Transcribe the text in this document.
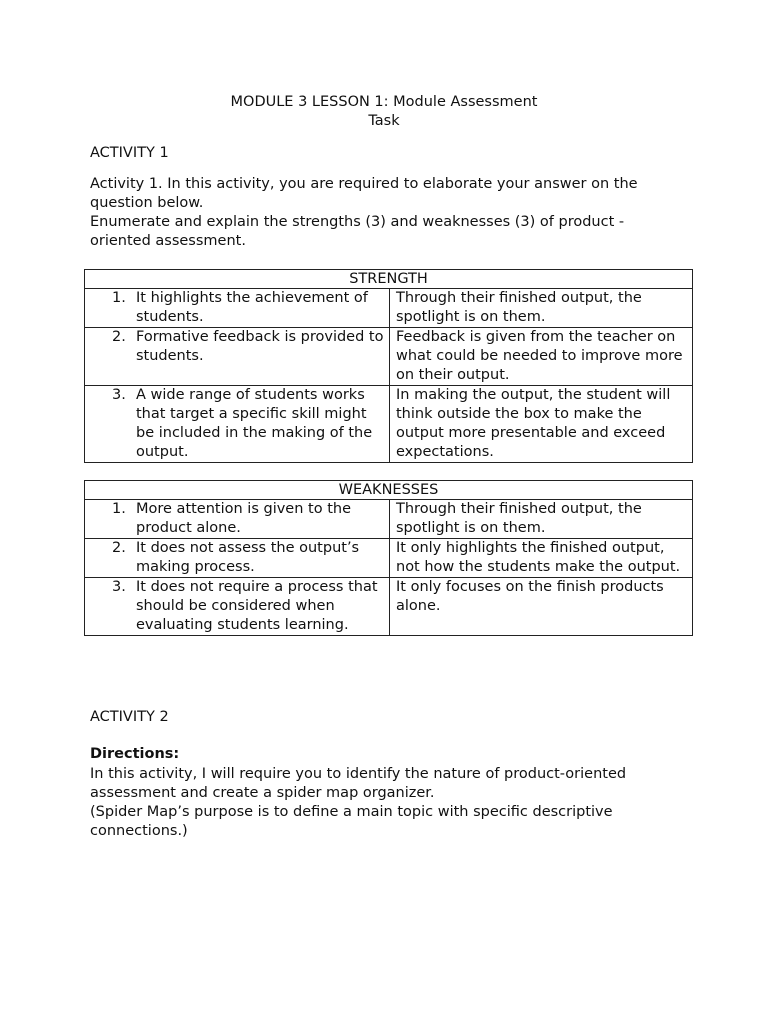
MODULE 3 LESSON 1: Module Assessment
Task
ACTIVITY 1
Activity 1. In this activity, you are required to elaborate your answer on the
question below.
Enumerate and explain the strengths (3) and weaknesses (3) of product -
oriented assessment.
STRENGTH	

1. It highlights the achievement of students.	Through their finished output, the spotlight is on them.

2. Formative feedback is provided to students.	Feedback is given from the teacher on what could be needed to improve more on their output.

3. A wide range of students works that target a specific skill might be included in the making of the output.	In making the output, the student will think outside the box to make the output more presentable and exceed expectations.
WEAKNESSES	

1. More attention is given to the product alone.	Through their finished output, the spotlight is on them.

2. It does not assess the output’s making process.	It only highlights the finished output, not how the students make the output.

3. It does not require a process that should be considered when evaluating students learning.	It only focuses on the finish products alone.
ACTIVITY 2
Directions:
In this activity, I will require you to identify the nature of product-oriented
assessment and create a spider map organizer.
(Spider Map’s purpose is to define a main topic with specific descriptive
connections.)
